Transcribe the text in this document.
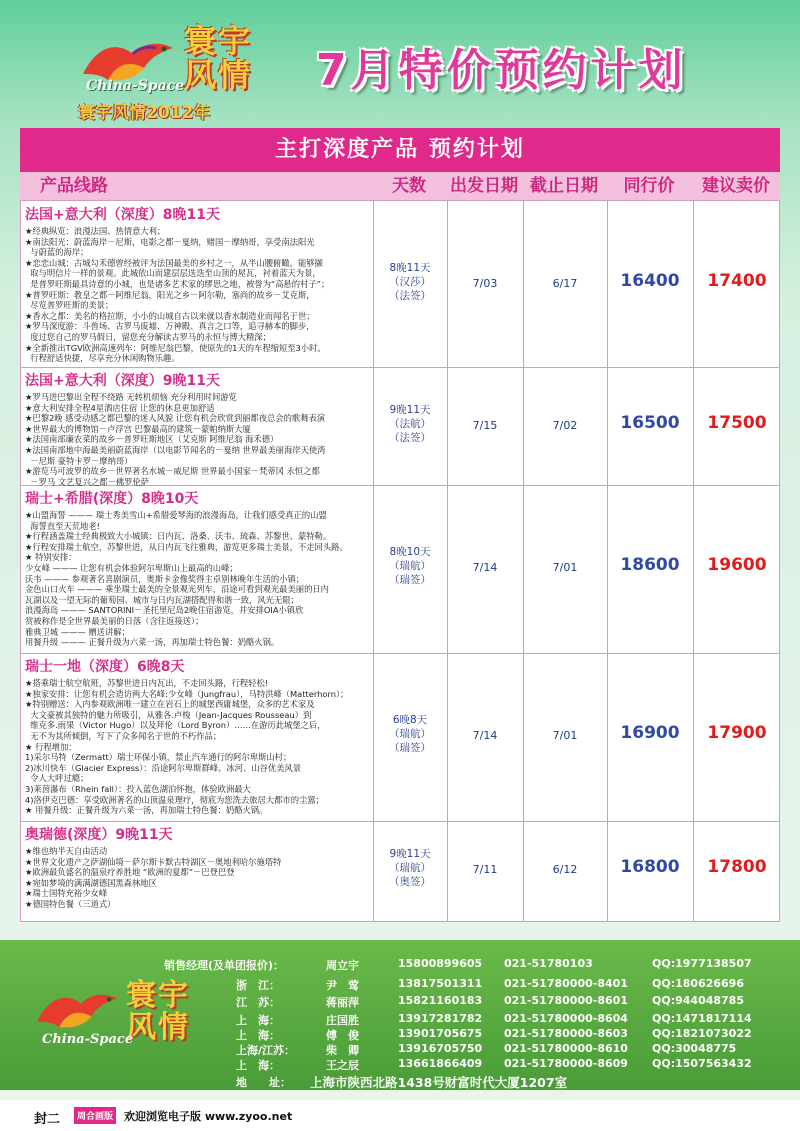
寰宇风情
China-Space
寰宇风情2012年
7月特价预约计划
主打深度产品 预约计划
产品线路	天数	出发日期 截止日期	同行价	建议卖价
法国+意大利（深度）8晚11天
★经典纵览：浪漫法国、热情意大利；
★南法阳光：蔚蓝海岸－尼斯，电影之都－戛纳，赌国－摩纳哥，享受南法阳光
与蔚蓝的海岸；
★恋恋山城：古城勾禾德曾经被评为法国最美的乡村之一，从半山腰俯瞰，能够撷
取与明信片一样的景观。此城依山而建层层迭迭至山顶的屋瓦，衬着蓝天为景，
是普罗旺斯最具诗意的小城，也是诸多艺术家的缪思之地，被誉为“高悬的村子”；
★普罗旺斯：教皇之都－阿维尼翁，阳光之乡－阿尔勒，塞尚的故乡－艾克斯，
尽览普罗旺斯的美景；
★香水之都：美名的格拉斯，小小的山城自古以来就以香水制造业而闻名于世；
★罗马深度游：斗兽场、古罗马废墟、万神殿、真言之口等，追寻赫本的脚步，
度过您自己的罗马假日，留您充分解读古罗马的永恒与博大精深；
★全新推出TGV欧洲高速列车：阿维尼翁巴黎，使原先的1天的车程缩短至3小时。
行程舒适快捷，尽享充分休闲购物乐趣。
8晚11天
（汉莎）
（法签）
7/03	6/17	16400	17400
法国+意大利（深度）9晚11天
★罗马进巴黎出全程不绕路 无转机烦恼 充分利用时间游览
★意大利安排全程4星酒店住宿 让您的休息更加舒适
★巴黎2晚 感受动感之都巴黎的迷人风貌 让您有机会欣赏到丽都夜总会的歌舞表演
★世界最大的博物馆－卢浮宫 巴黎最高的建筑－蒙帕纳斯大厦
★法国南部廉农菜的故乡－普罗旺斯地区（艾克斯 阿维尼翁 海禾德）
★法国南部地中海最美丽蔚蓝海岸（以电影节闻名的－戛纳 世界最美丽海岸天使湾
－尼斯 豪特卡罗－摩纳哥）
★游览马可波罗的故乡－世界著名水城－威尼斯 世界最小国家－梵蒂冈 永恒之都
－罗马 文艺复兴之都－佛罗伦萨
9晚11天
（法航）
（法签）
7/15	7/02	16500	17500
瑞士+希腊(深度）8晚10天
★山盟海誓 ——— 瑞士秀美雪山+希腊爱琴海的浪漫海岛，让我们感受真正的山盟
海誓直至天荒地老!
★行程涵盖瑞士经典极致大小城镇：日内瓦、洛桑、沃韦、琉森、苏黎世、蒙特勒。
★行程安排瑞士航空，苏黎世进，从日内瓦飞往雅典，游览更多瑞士美景，不走回头路。
★ 特别安排：
少女峰 ——— 让您有机会体验阿尔卑斯山上最高的山峰；
沃韦 ——— 参观著名喜剧演员，奥斯卡金像奖得主卓别林晚年生活的小镇；
金色山口火车 ——— 乘坐瑞士最美的全景观光列车，沿途可看到观光最美丽的日内
瓦湖以及一望无际的葡萄园、城市与日内瓦湖搭配得和谐一致，风光无限；
浪漫海岛 ——— SANTORINI－圣托里尼岛2晚住宿游览，并安排OIA小镇欣
赏被称作是全世界最美丽的日落（含往返接送）；
雅典卫城 ——— 赠送讲解；
用餐升级 ——— 正餐升级为六菜一汤，再加瑞士特色餐：奶酪火锅。
8晚10天
（瑞航）
（瑞签）
7/14	7/01	18600	19600
瑞士一地（深度）6晚8天
★搭乘瑞士航空航班，苏黎世进日内瓦出，不走回头路，行程轻松!
★独家安排：让您有机会造访两大名峰:少女峰（Jungfrau），马特洪峰（Matterhorn）；
★特别赠送：入内参观欧洲唯一建立在岩石上的城堡西庸城堡，众多的艺术家及
大文豪被其独特的魅力所吸引，从雅各.卢梭（Jean-Jacques Rousseau）到
维克多.雨果（Victor Hugo）以及拜伦（Lord Byron）……在游历此城堡之后，
无不为其所倾倒，写下了众多闻名于世的不朽作品；
★ 行程增加：
1)采尔马特（Zermatt）瑞士环保小镇，禁止汽车通行的阿尔卑斯山村；
2)冰川快车（Glacier Express）：沿途阿尔卑斯群峰、冰河、山谷优美风景
令人大呼过瘾；
3)莱茵瀑布（Rhein fall）：投入蓝色湖泊怀抱，体验欧洲最大
4)洛伊克巴德：享受欧洲著名的山顶温泉理疗，彻底为您洗去旅居大都市的尘嚣；
★ 用餐升级：正餐升级为六菜一汤，再加瑞士特色餐：奶酪火锅。
6晚8天
（瑞航）
（瑞签）
7/14	7/01	16900	17900
奥瑞德(深度）9晚11天
★维也纳半天自由活动
★世界文化遗产之萨湖仙境－萨尔斯卡默古特湖区－奥地利哈尔施塔特
★欧洲最负盛名的温泉疗养胜地 “欧洲的夏都”－巴登巴登
★宛如梦境的满满湖德国黑森林地区
★瑞士国特充裕少女峰
★德国特色餐（三道式）
9晚11天
（瑞航）
（奥签）
7/11	6/12	16800	17800
寰宇风情
China-Space
销售经理(及单团报价)：	周立宇	15800899605 021-51780103	QQ:1977138507
浙　江：	尹　莺	13817501311 021-51780000-8401 QQ:180626696
江　苏：	蒋丽萍	15821160183 021-51780000-8601 QQ:944048785
上　海：	庄国胜	13917281782 021-51780000-8604 QQ:1471817114
上　海：	傅　俊	13901705675 021-51780000-8603 QQ:1821073022
上海/江苏：	柴　卿	13916705750 021-51780000-8610 QQ:30048775
上　海：	王之辰	13661866409 021-51780000-8609 QQ:1507563432
地　　址： 上海市陕西北路1438号财富时代大厦1207室
封二	周合画版 欢迎浏览电子版 www.zyoo.net
